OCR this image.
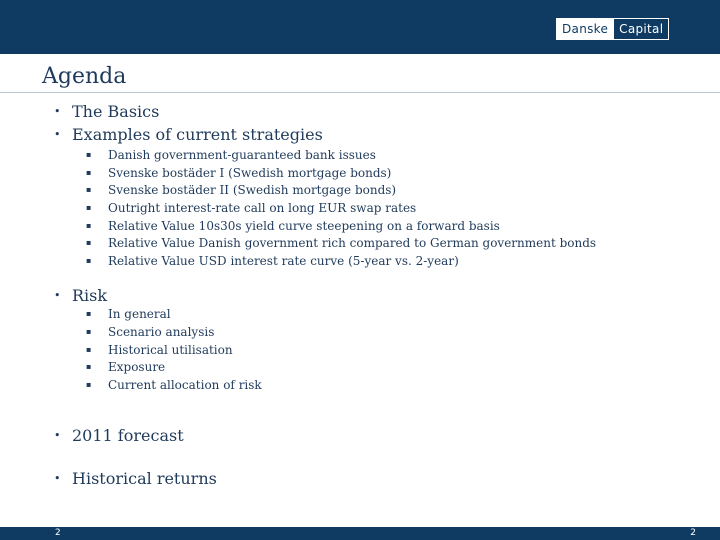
Danske Capital
Agenda
• The Basics
• Examples of current strategies
▪ Danish government-guaranteed bank issues
▪ Svenske bostäder I (Swedish mortgage bonds)
▪ Svenske bostäder II (Swedish mortgage bonds)
▪ Outright interest-rate call on long EUR swap rates
▪ Relative Value 10s30s yield curve steepening on a forward basis
▪ Relative Value Danish government rich compared to German government bonds
▪ Relative Value USD interest rate curve (5-year vs. 2-year)
• Risk
▪ In general
▪ Scenario analysis
▪ Historical utilisation
▪ Exposure
▪ Current allocation of risk
• 2011 forecast
• Historical returns
2	2
